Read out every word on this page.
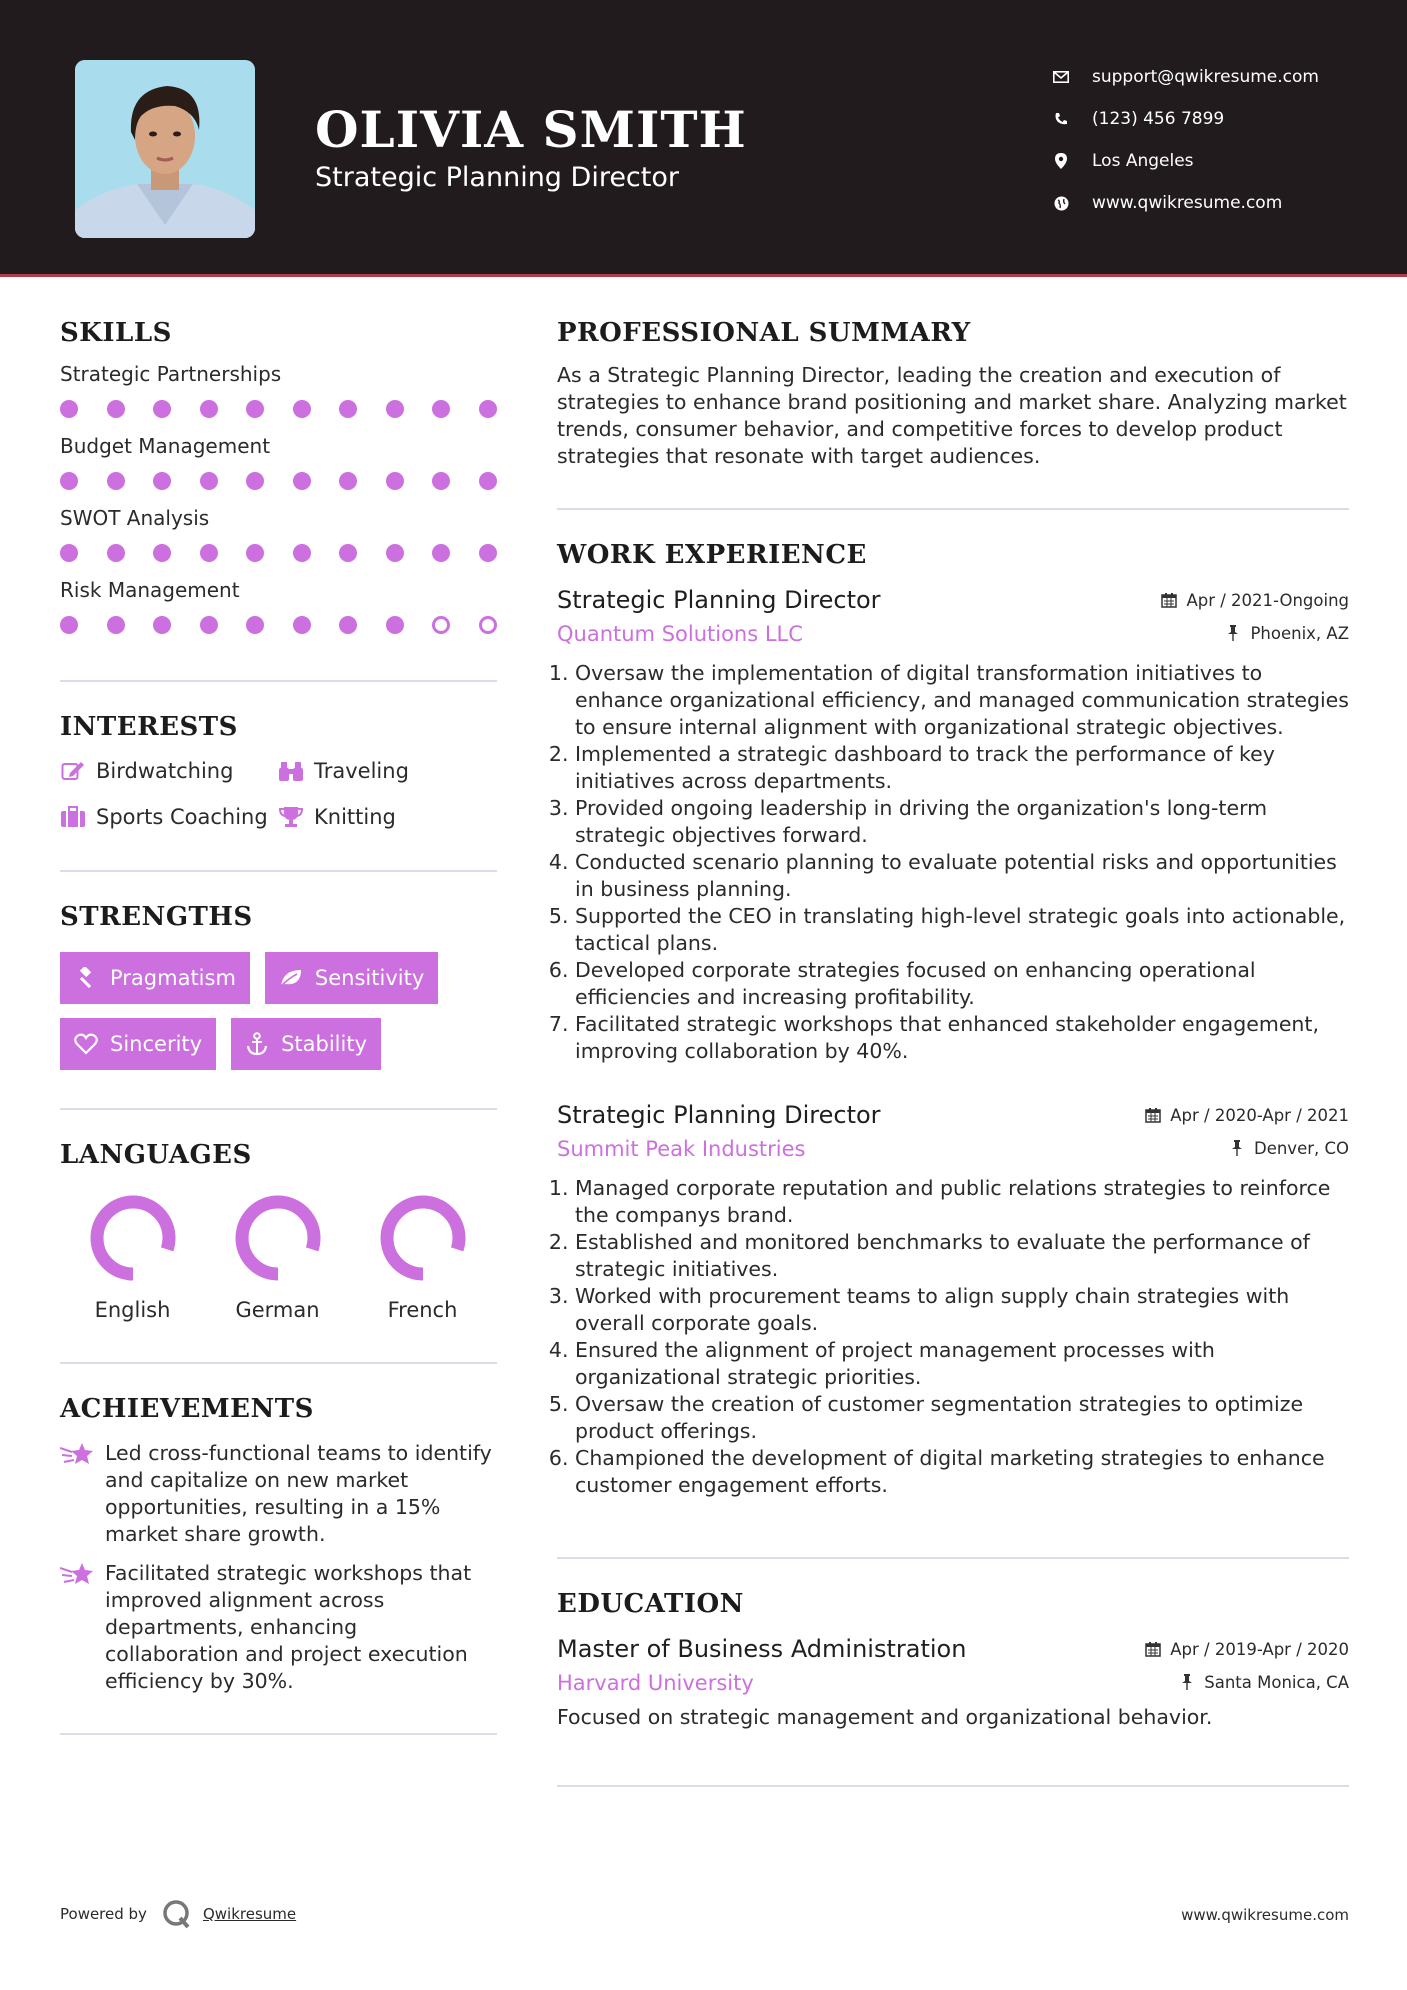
OLIVIA SMITH
Strategic Planning Director
support@qwikresume.com
(123) 456 7899
Los Angeles
www.qwikresume.com
SKILLS
Strategic Partnerships
Budget Management
SWOT Analysis
Risk Management
INTERESTS
Birdwatching	Traveling
Sports Coaching Knitting
STRENGTHS
Pragmatism	Sensitivity
Sincerity	Stability
LANGUAGES
English	German	French
ACHIEVEMENTS
Led cross-functional teams to identify and capitalize on new market opportunities, resulting in a 15% market share growth.
Facilitated strategic workshops that improved alignment across departments, enhancing collaboration and project execution efficiency by 30%.
PROFESSIONAL SUMMARY
As a Strategic Planning Director, leading the creation and execution of strategies to enhance brand positioning and market share. Analyzing market trends, consumer behavior, and competitive forces to develop product strategies that resonate with target audiences.
WORK EXPERIENCE
Strategic Planning Director	Apr / 2021-Ongoing
Quantum Solutions LLC	Phoenix, AZ
1. Oversaw the implementation of digital transformation initiatives to enhance organizational efficiency, and managed communication strategies to ensure internal alignment with organizational strategic objectives.
2. Implemented a strategic dashboard to track the performance of key initiatives across departments.
3. Provided ongoing leadership in driving the organization's long-term strategic objectives forward.
4. Conducted scenario planning to evaluate potential risks and opportunities in business planning.
5. Supported the CEO in translating high-level strategic goals into actionable, tactical plans.
6. Developed corporate strategies focused on enhancing operational efficiencies and increasing profitability.
7. Facilitated strategic workshops that enhanced stakeholder engagement, improving collaboration by 40%.
Strategic Planning Director	Apr / 2020-Apr / 2021
Summit Peak Industries	Denver, CO
1. Managed corporate reputation and public relations strategies to reinforce the companys brand.
2. Established and monitored benchmarks to evaluate the performance of strategic initiatives.
3. Worked with procurement teams to align supply chain strategies with overall corporate goals.
4. Ensured the alignment of project management processes with organizational strategic priorities.
5. Oversaw the creation of customer segmentation strategies to optimize product offerings.
6. Championed the development of digital marketing strategies to enhance customer engagement efforts.
EDUCATION
Master of Business Administration	Apr / 2019-Apr / 2020
Harvard University	Santa Monica, CA
Focused on strategic management and organizational behavior.
Powered by	Qwikresume	www.qwikresume.com
